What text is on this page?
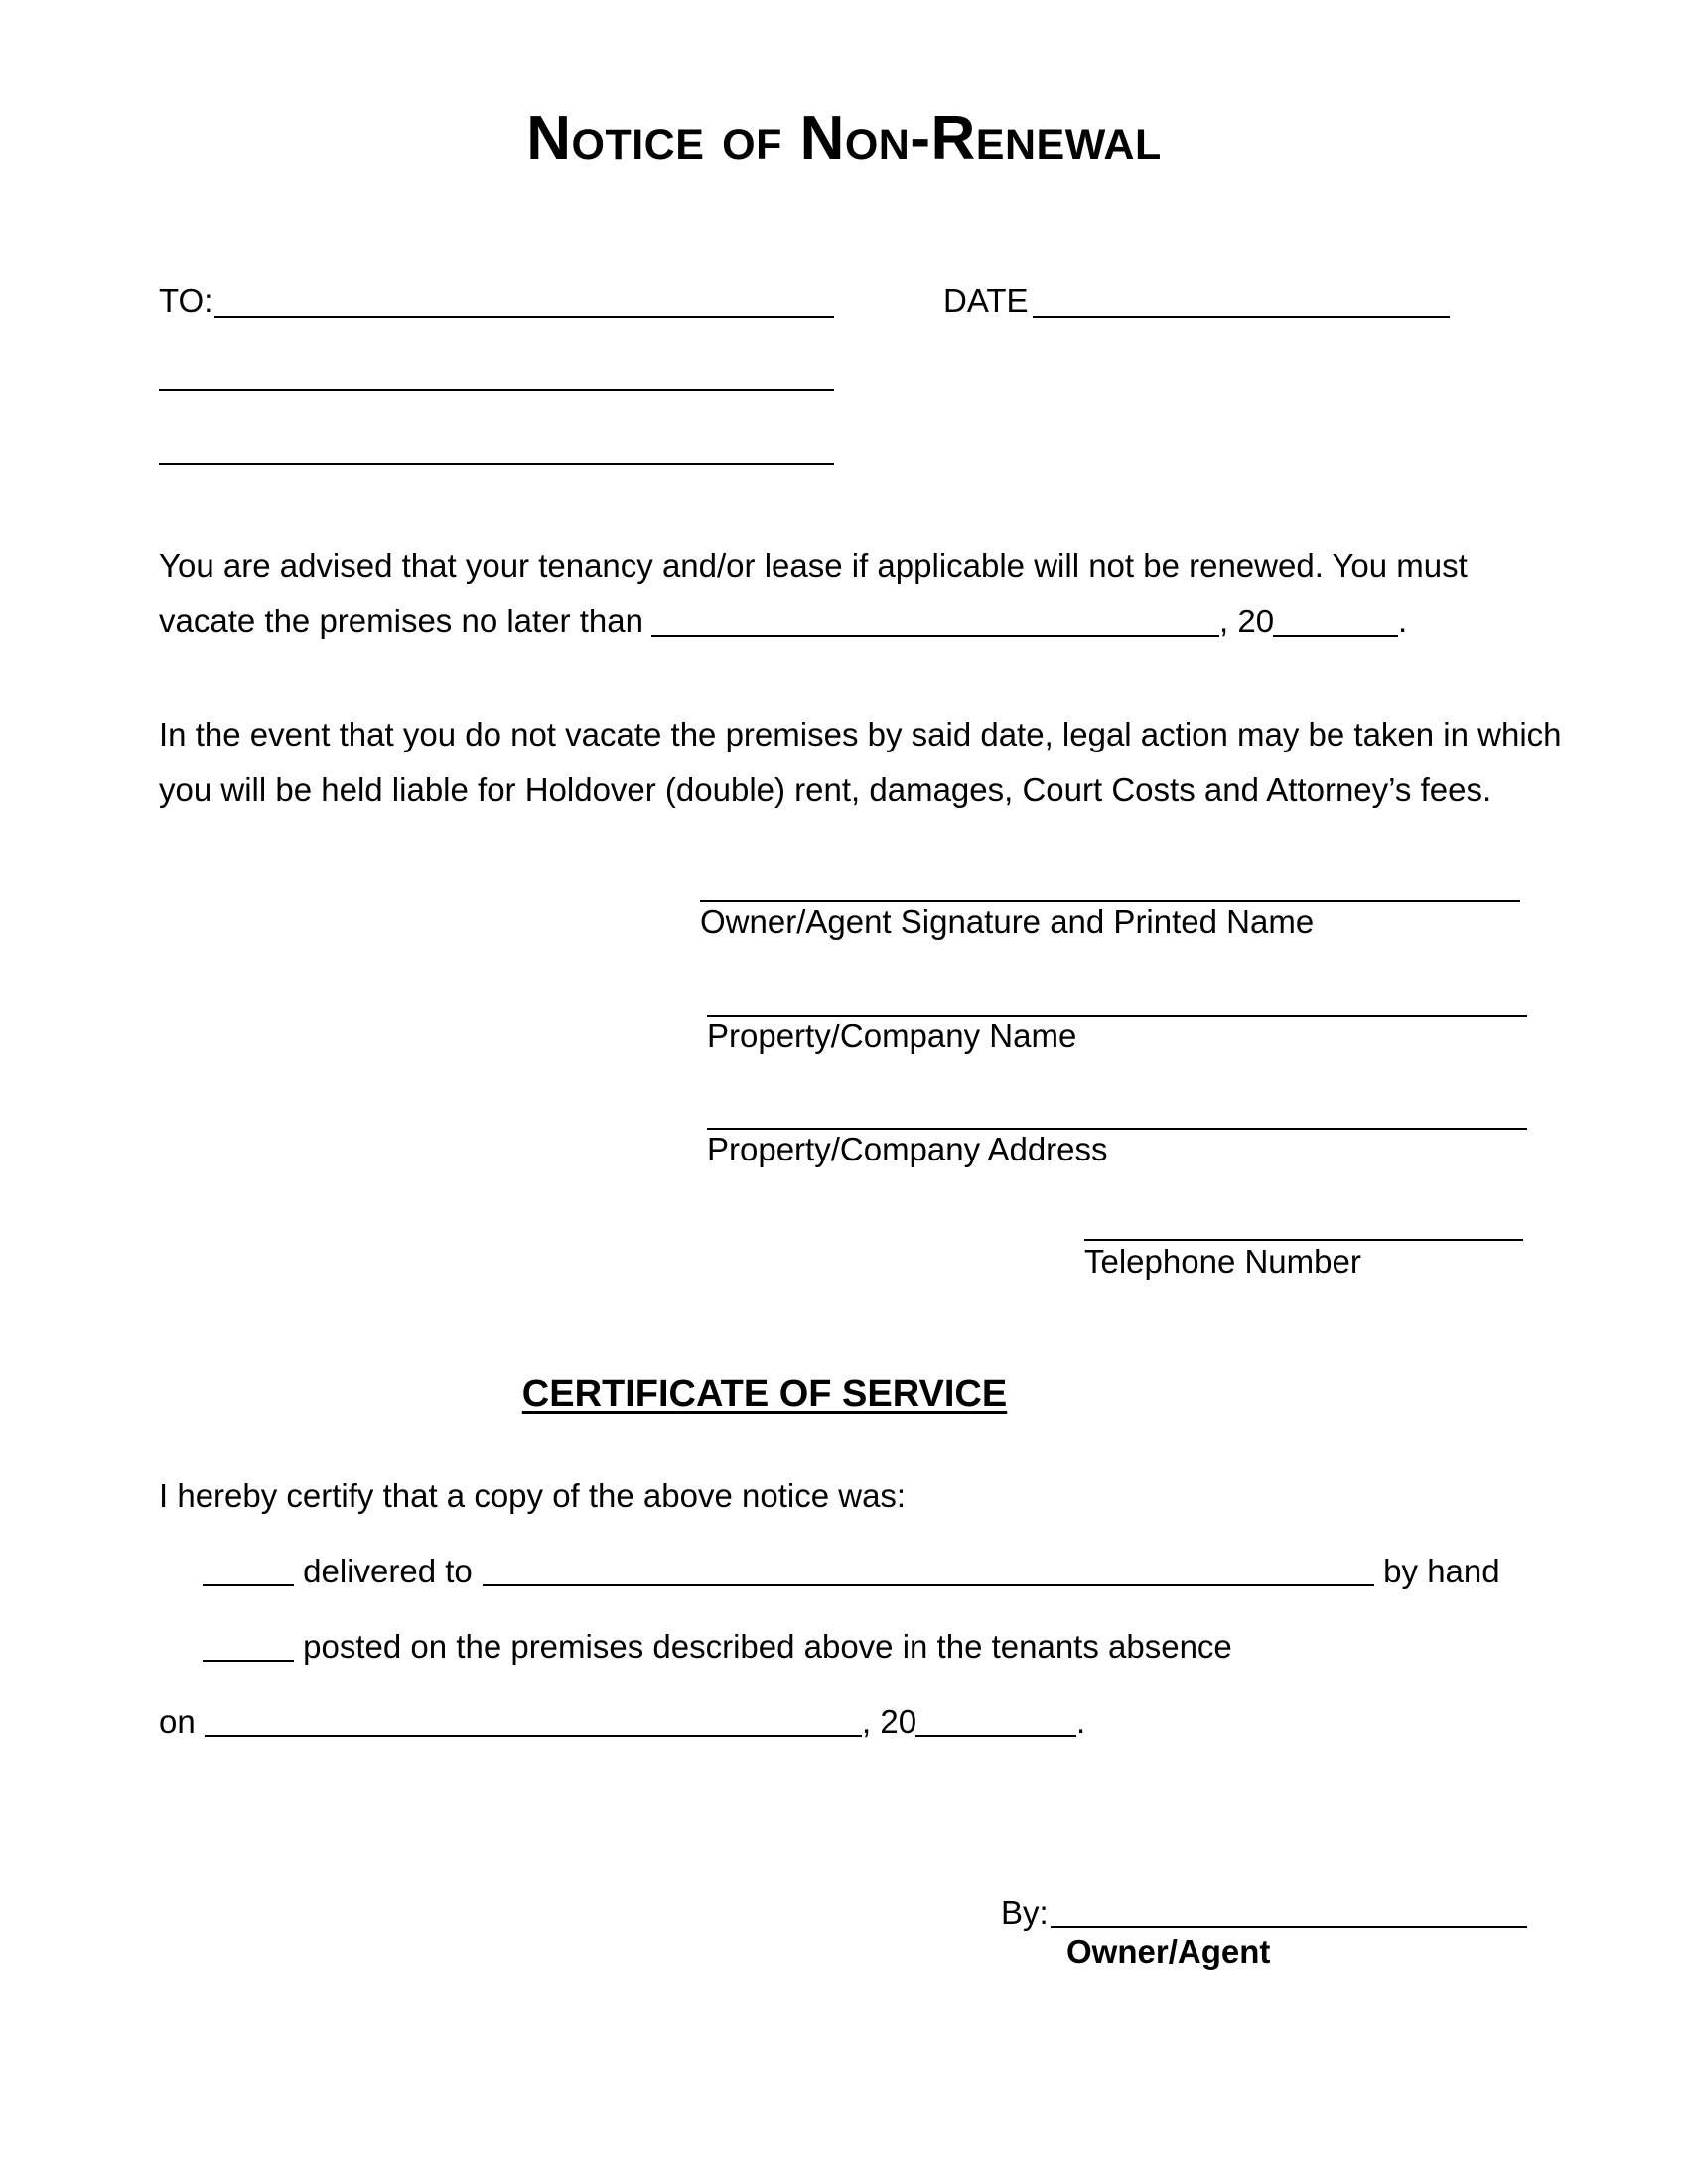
Notice of Non-Renewal
TO:	DATE
You are advised that your tenancy and/or lease if applicable will not be renewed. You must
vacate the premises no later than	, 20	.
In the event that you do not vacate the premises by said date, legal action may be taken in which
you will be held liable for Holdover (double) rent, damages, Court Costs and Attorney’s fees.
Owner/Agent Signature and Printed Name
Property/Company Name
Property/Company Address
Telephone Number
CERTIFICATE OF SERVICE
I hereby certify that a copy of the above notice was:
delivered to	by hand
posted on the premises described above in the tenants absence
on	, 20	.
By:
Owner/Agent
